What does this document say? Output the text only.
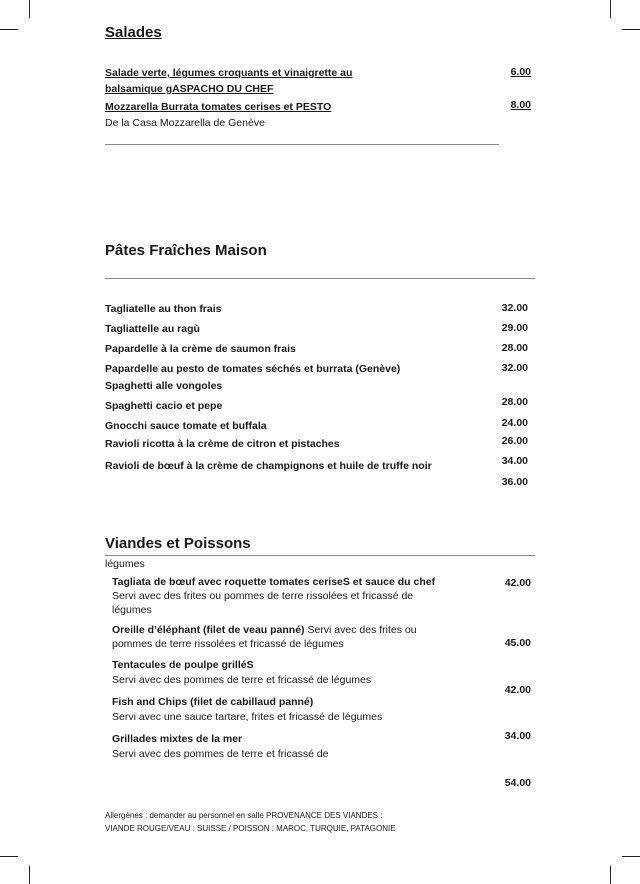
Salades
Salade verte, légumes croquants et vinaigrette au
balsamique gASPACHO DU CHEF
6.00
Mozzarella Burrata tomates cerises et PESTO
De la Casa Mozzarella de Genève
8.00
Pâtes Fraîches Maison
Tagliatelle au thon frais
Tagliattelle au ragù
Papardelle à la crème de saumon frais
Papardelle au pesto de tomates séchés et burrata (Genève)
Spaghetti alle vongoles
Spaghetti cacio et pepe
Gnocchi sauce tomate et buffala
Ravioli ricotta à la crème de citron et pistaches
Ravioli de bœuf à la crème de champignons et huile de truffe noir
32.00
29.00
28.00
32.00
28.00
24.00
26.00
34.00
36.00
Viandes et Poissons
légumes
Tagliata de bœuf avec roquette tomates ceriseS et sauce du chef
Servi avec des frites ou pommes de terre rissolées et fricassé de
légumes
Oreille d’éléphant (filet de veau panné) Servi avec des frites ou
pommes de terre rissolées et fricassé de légumes
Tentacules de poulpe grilléS
Servi avec des pommes de terre et fricassé de légumes
Fish and Chips (filet de cabillaud panné)
Servi avec une sauce tartare, frites et fricassé de légumes
Grillades mixtes de la mer
Servi avec des pommes de terre et fricassé de
42.00
45.00
42.00
34.00
54.00
Allergènes : demander au personnel en salle PROVENANCE DES VIANDES :
VIANDE ROUGE/VEAU : SUISSE / POISSON : MAROC, TURQUIE, PATAGONIE
